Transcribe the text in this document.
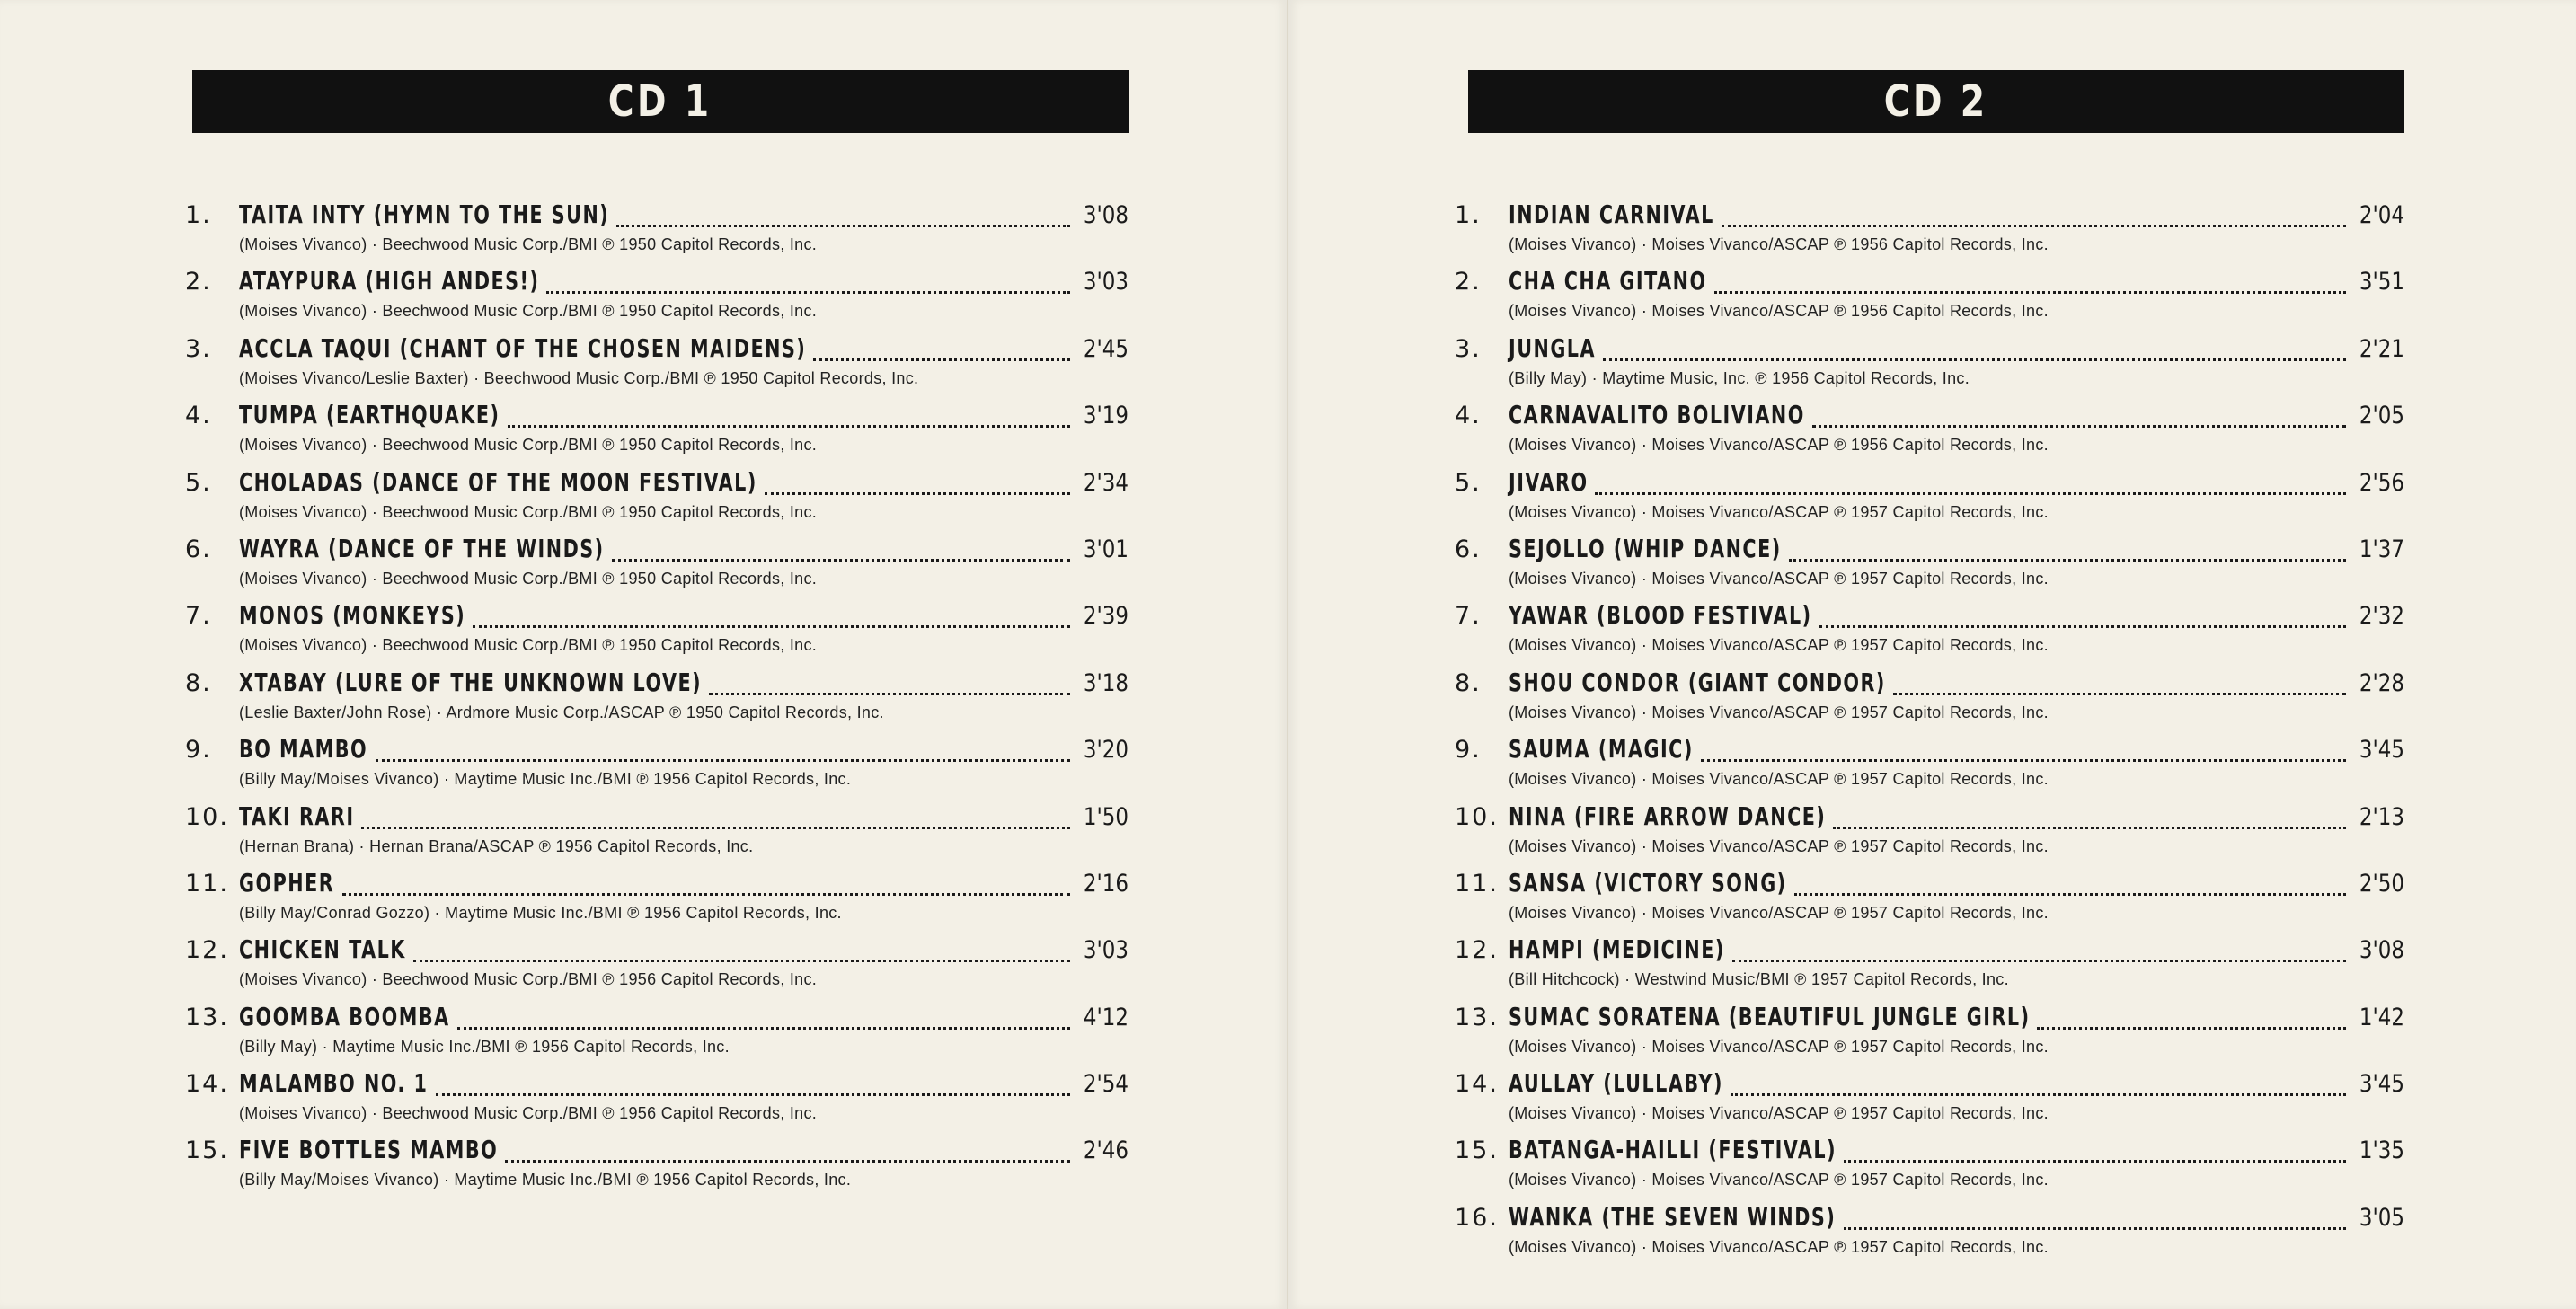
CD 1
1.	TAITA INTY (HYMN TO THE SUN)	3'08
(Moises Vivanco) · Beechwood Music Corp./BMI ℗ 1950 Capitol Records, Inc.
2.	ATAYPURA (HIGH ANDES!)	3'03
(Moises Vivanco) · Beechwood Music Corp./BMI ℗ 1950 Capitol Records, Inc.
3.	ACCLA TAQUI (CHANT OF THE CHOSEN MAIDENS)	2'45
(Moises Vivanco/Leslie Baxter) · Beechwood Music Corp./BMI ℗ 1950 Capitol Records, Inc.
4.	TUMPA (EARTHQUAKE)	3'19
(Moises Vivanco) · Beechwood Music Corp./BMI ℗ 1950 Capitol Records, Inc.
5.	CHOLADAS (DANCE OF THE MOON FESTIVAL)	2'34
(Moises Vivanco) · Beechwood Music Corp./BMI ℗ 1950 Capitol Records, Inc.
6.	WAYRA (DANCE OF THE WINDS)	3'01
(Moises Vivanco) · Beechwood Music Corp./BMI ℗ 1950 Capitol Records, Inc.
7.	MONOS (MONKEYS)	2'39
(Moises Vivanco) · Beechwood Music Corp./BMI ℗ 1950 Capitol Records, Inc.
8.	XTABAY (LURE OF THE UNKNOWN LOVE)	3'18
(Leslie Baxter/John Rose) · Ardmore Music Corp./ASCAP ℗ 1950 Capitol Records, Inc.
9.	BO MAMBO	3'20
(Billy May/Moises Vivanco) · Maytime Music Inc./BMI ℗ 1956 Capitol Records, Inc.
10. TAKI RARI	1'50
(Hernan Brana) · Hernan Brana/ASCAP ℗ 1956 Capitol Records, Inc.
11. GOPHER	2'16
(Billy May/Conrad Gozzo) · Maytime Music Inc./BMI ℗ 1956 Capitol Records, Inc.
12. CHICKEN TALK	3'03
(Moises Vivanco) · Beechwood Music Corp./BMI ℗ 1956 Capitol Records, Inc.
13. GOOMBA BOOMBA	4'12
(Billy May) · Maytime Music Inc./BMI ℗ 1956 Capitol Records, Inc.
14. MALAMBO NO. 1	2'54
(Moises Vivanco) · Beechwood Music Corp./BMI ℗ 1956 Capitol Records, Inc.
15. FIVE BOTTLES MAMBO	2'46
(Billy May/Moises Vivanco) · Maytime Music Inc./BMI ℗ 1956 Capitol Records, Inc.
CD 2
1.	INDIAN CARNIVAL	2'04
(Moises Vivanco) · Moises Vivanco/ASCAP ℗ 1956 Capitol Records, Inc.
2.	CHA CHA GITANO	3'51
(Moises Vivanco) · Moises Vivanco/ASCAP ℗ 1956 Capitol Records, Inc.
3.	JUNGLA	2'21
(Billy May) · Maytime Music, Inc. ℗ 1956 Capitol Records, Inc.
4.	CARNAVALITO BOLIVIANO	2'05
(Moises Vivanco) · Moises Vivanco/ASCAP ℗ 1956 Capitol Records, Inc.
5.	JIVARO	2'56
(Moises Vivanco) · Moises Vivanco/ASCAP ℗ 1957 Capitol Records, Inc.
6.	SEJOLLO (WHIP DANCE)	1'37
(Moises Vivanco) · Moises Vivanco/ASCAP ℗ 1957 Capitol Records, Inc.
7.	YAWAR (BLOOD FESTIVAL)	2'32
(Moises Vivanco) · Moises Vivanco/ASCAP ℗ 1957 Capitol Records, Inc.
8.	SHOU CONDOR (GIANT CONDOR)	2'28
(Moises Vivanco) · Moises Vivanco/ASCAP ℗ 1957 Capitol Records, Inc.
9.	SAUMA (MAGIC)	3'45
(Moises Vivanco) · Moises Vivanco/ASCAP ℗ 1957 Capitol Records, Inc.
10. NINA (FIRE ARROW DANCE)	2'13
(Moises Vivanco) · Moises Vivanco/ASCAP ℗ 1957 Capitol Records, Inc.
11. SANSA (VICTORY SONG)	2'50
(Moises Vivanco) · Moises Vivanco/ASCAP ℗ 1957 Capitol Records, Inc.
12. HAMPI (MEDICINE)	3'08
(Bill Hitchcock) · Westwind Music/BMI ℗ 1957 Capitol Records, Inc.
13. SUMAC SORATENA (BEAUTIFUL JUNGLE GIRL)	1'42
(Moises Vivanco) · Moises Vivanco/ASCAP ℗ 1957 Capitol Records, Inc.
14. AULLAY (LULLABY)	3'45
(Moises Vivanco) · Moises Vivanco/ASCAP ℗ 1957 Capitol Records, Inc.
15. BATANGA-HAILLI (FESTIVAL)	1'35
(Moises Vivanco) · Moises Vivanco/ASCAP ℗ 1957 Capitol Records, Inc.
16. WANKA (THE SEVEN WINDS)	3'05
(Moises Vivanco) · Moises Vivanco/ASCAP ℗ 1957 Capitol Records, Inc.
